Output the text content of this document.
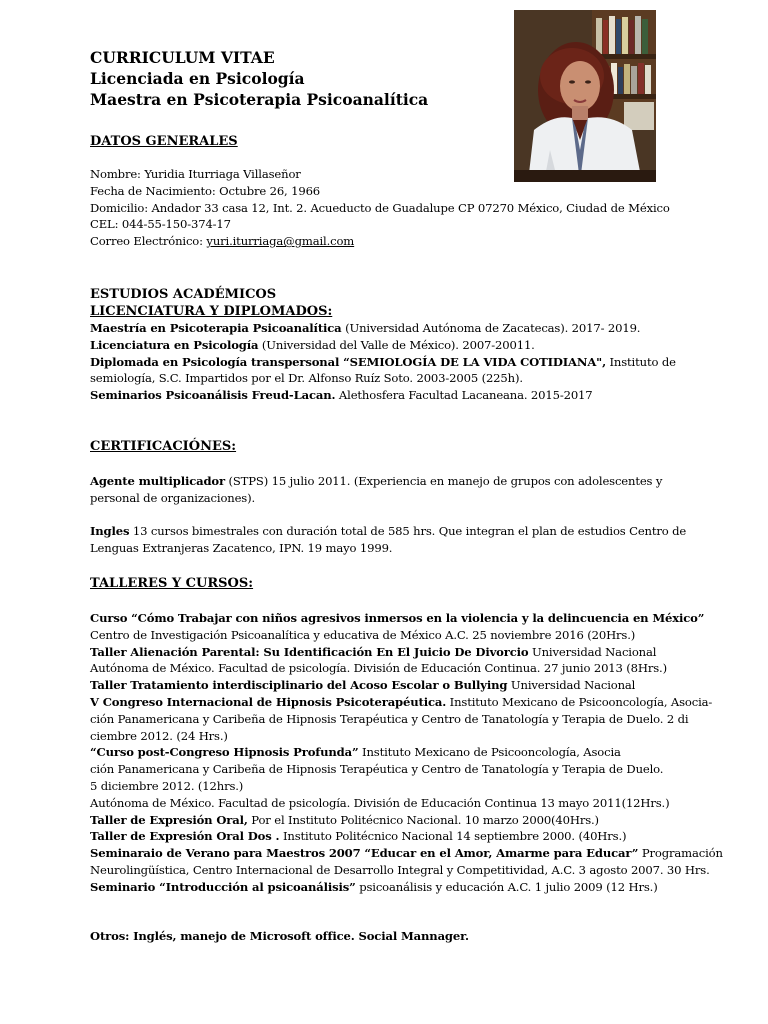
CURRICULUM VITAE
Licenciada en Psicología
Maestra en Psicoterapia Psicoanalítica
DATOS GENERALES
Nombre: Yuridia Iturriaga Villaseñor
Fecha de Nacimiento: Octubre 26, 1966
Domicilio: Andador 33 casa 12, Int. 2. Acueducto de Guadalupe CP 07270 México, Ciudad de México
CEL: 044-55-150-374-17
Correo Electrónico: yuri.iturriaga@gmail.com
ESTUDIOS ACADÉMICOS
LICENCIATURA Y DIPLOMADOS:
Maestría en Psicoterapia Psicoanalítica (Universidad Autónoma de Zacatecas). 2017- 2019.
Licenciatura en Psicología (Universidad del Valle de México). 2007-20011.
Diplomada en Psicología transpersonal “SEMIOLOGÍA DE LA VIDA COTIDIANA", Instituto de
semiología, S.C. Impartidos por el Dr. Alfonso Ruíz Soto. 2003-2005 (225h).
Seminarios Psicoanálisis Freud-Lacan. Alethosfera Facultad Lacaneana. 2015-2017
CERTIFICACIÓNES:
Agente multiplicador (STPS) 15 julio 2011. (Experiencia en manejo de grupos con adolescentes y
personal de organizaciones).
Ingles 13 cursos bimestrales con duración total de 585 hrs. Que integran el plan de estudios Centro de
Lenguas Extranjeras Zacatenco, IPN. 19 mayo 1999.
TALLERES Y CURSOS:
Curso “Cómo Trabajar con niños agresivos inmersos en la violencia y la delincuencia en México”
Centro de Investigación Psicoanalítica y educativa de México A.C. 25 noviembre 2016 (20Hrs.)
Taller Alienación Parental: Su Identificación En El Juicio De Divorcio Universidad Nacional
Autónoma de México. Facultad de psicología. División de Educación Continua. 27 junio 2013 (8Hrs.)
Taller Tratamiento interdisciplinario del Acoso Escolar o Bullying Universidad Nacional
V Congreso Internacional de Hipnosis Psicoterapéutica. Instituto Mexicano de Psicooncología, Asocia-
ción Panamericana y Caribeña de Hipnosis Terapéutica y Centro de Tanatología y Terapia de Duelo. 2 di
ciembre 2012. (24 Hrs.)
“Curso post-Congreso Hipnosis Profunda” Instituto Mexicano de Psicooncología, Asocia
ción Panamericana y Caribeña de Hipnosis Terapéutica y Centro de Tanatología y Terapia de Duelo.
5 diciembre 2012. (12hrs.)
Autónoma de México. Facultad de psicología. División de Educación Continua 13 mayo 2011(12Hrs.)
Taller de Expresión Oral, Por el Instituto Politécnico Nacional. 10 marzo 2000(40Hrs.)
Taller de Expresión Oral Dos . Instituto Politécnico Nacional 14 septiembre 2000. (40Hrs.)
Seminaraio de Verano para Maestros 2007 “Educar en el Amor, Amarme para Educar” Programación
Neurolingüística, Centro Internacional de Desarrollo Integral y Competitividad, A.C. 3 agosto 2007. 30 Hrs.
Seminario “Introducción al psicoanálisis” psicoanálisis y educación A.C. 1 julio 2009 (12 Hrs.)
Otros: Inglés, manejo de Microsoft office. Social Mannager.
